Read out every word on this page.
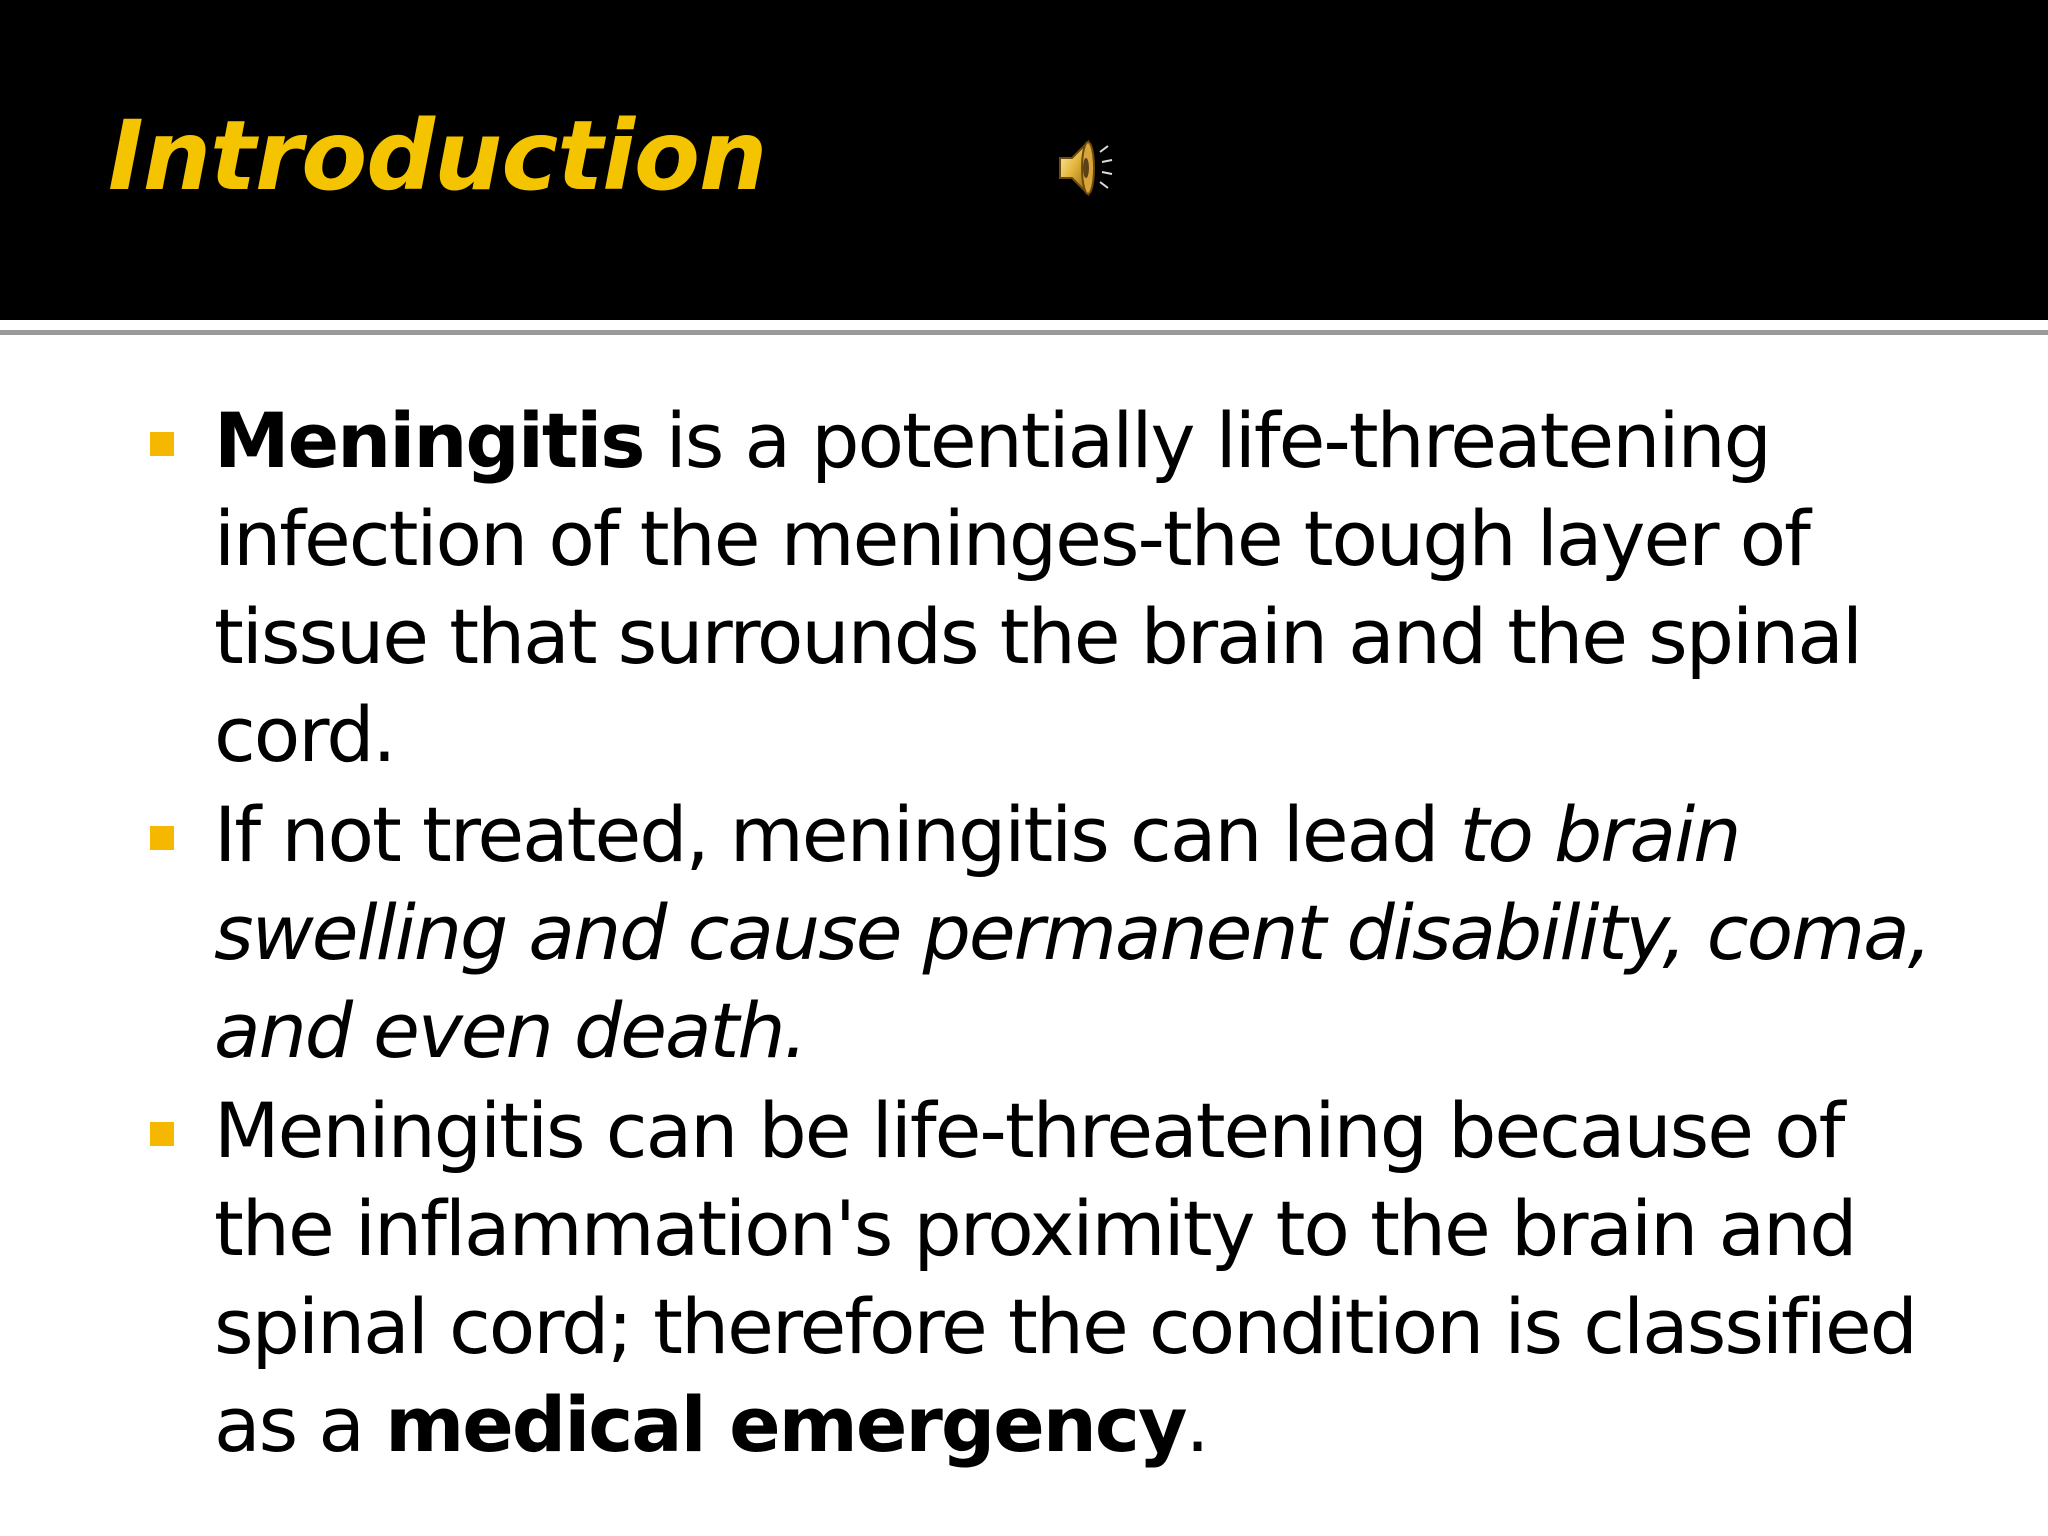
Introduction

Meningitis is a potentially life-threatening infection of the meninges-the tough layer of tissue that surrounds the brain and the spinal cord.

If not treated, meningitis can lead to brain swelling and cause permanent disability, coma, and even death.

Meningitis can be life-threatening because of the inflammation's proximity to the brain and spinal cord; therefore the condition is classified as a medical emergency.
